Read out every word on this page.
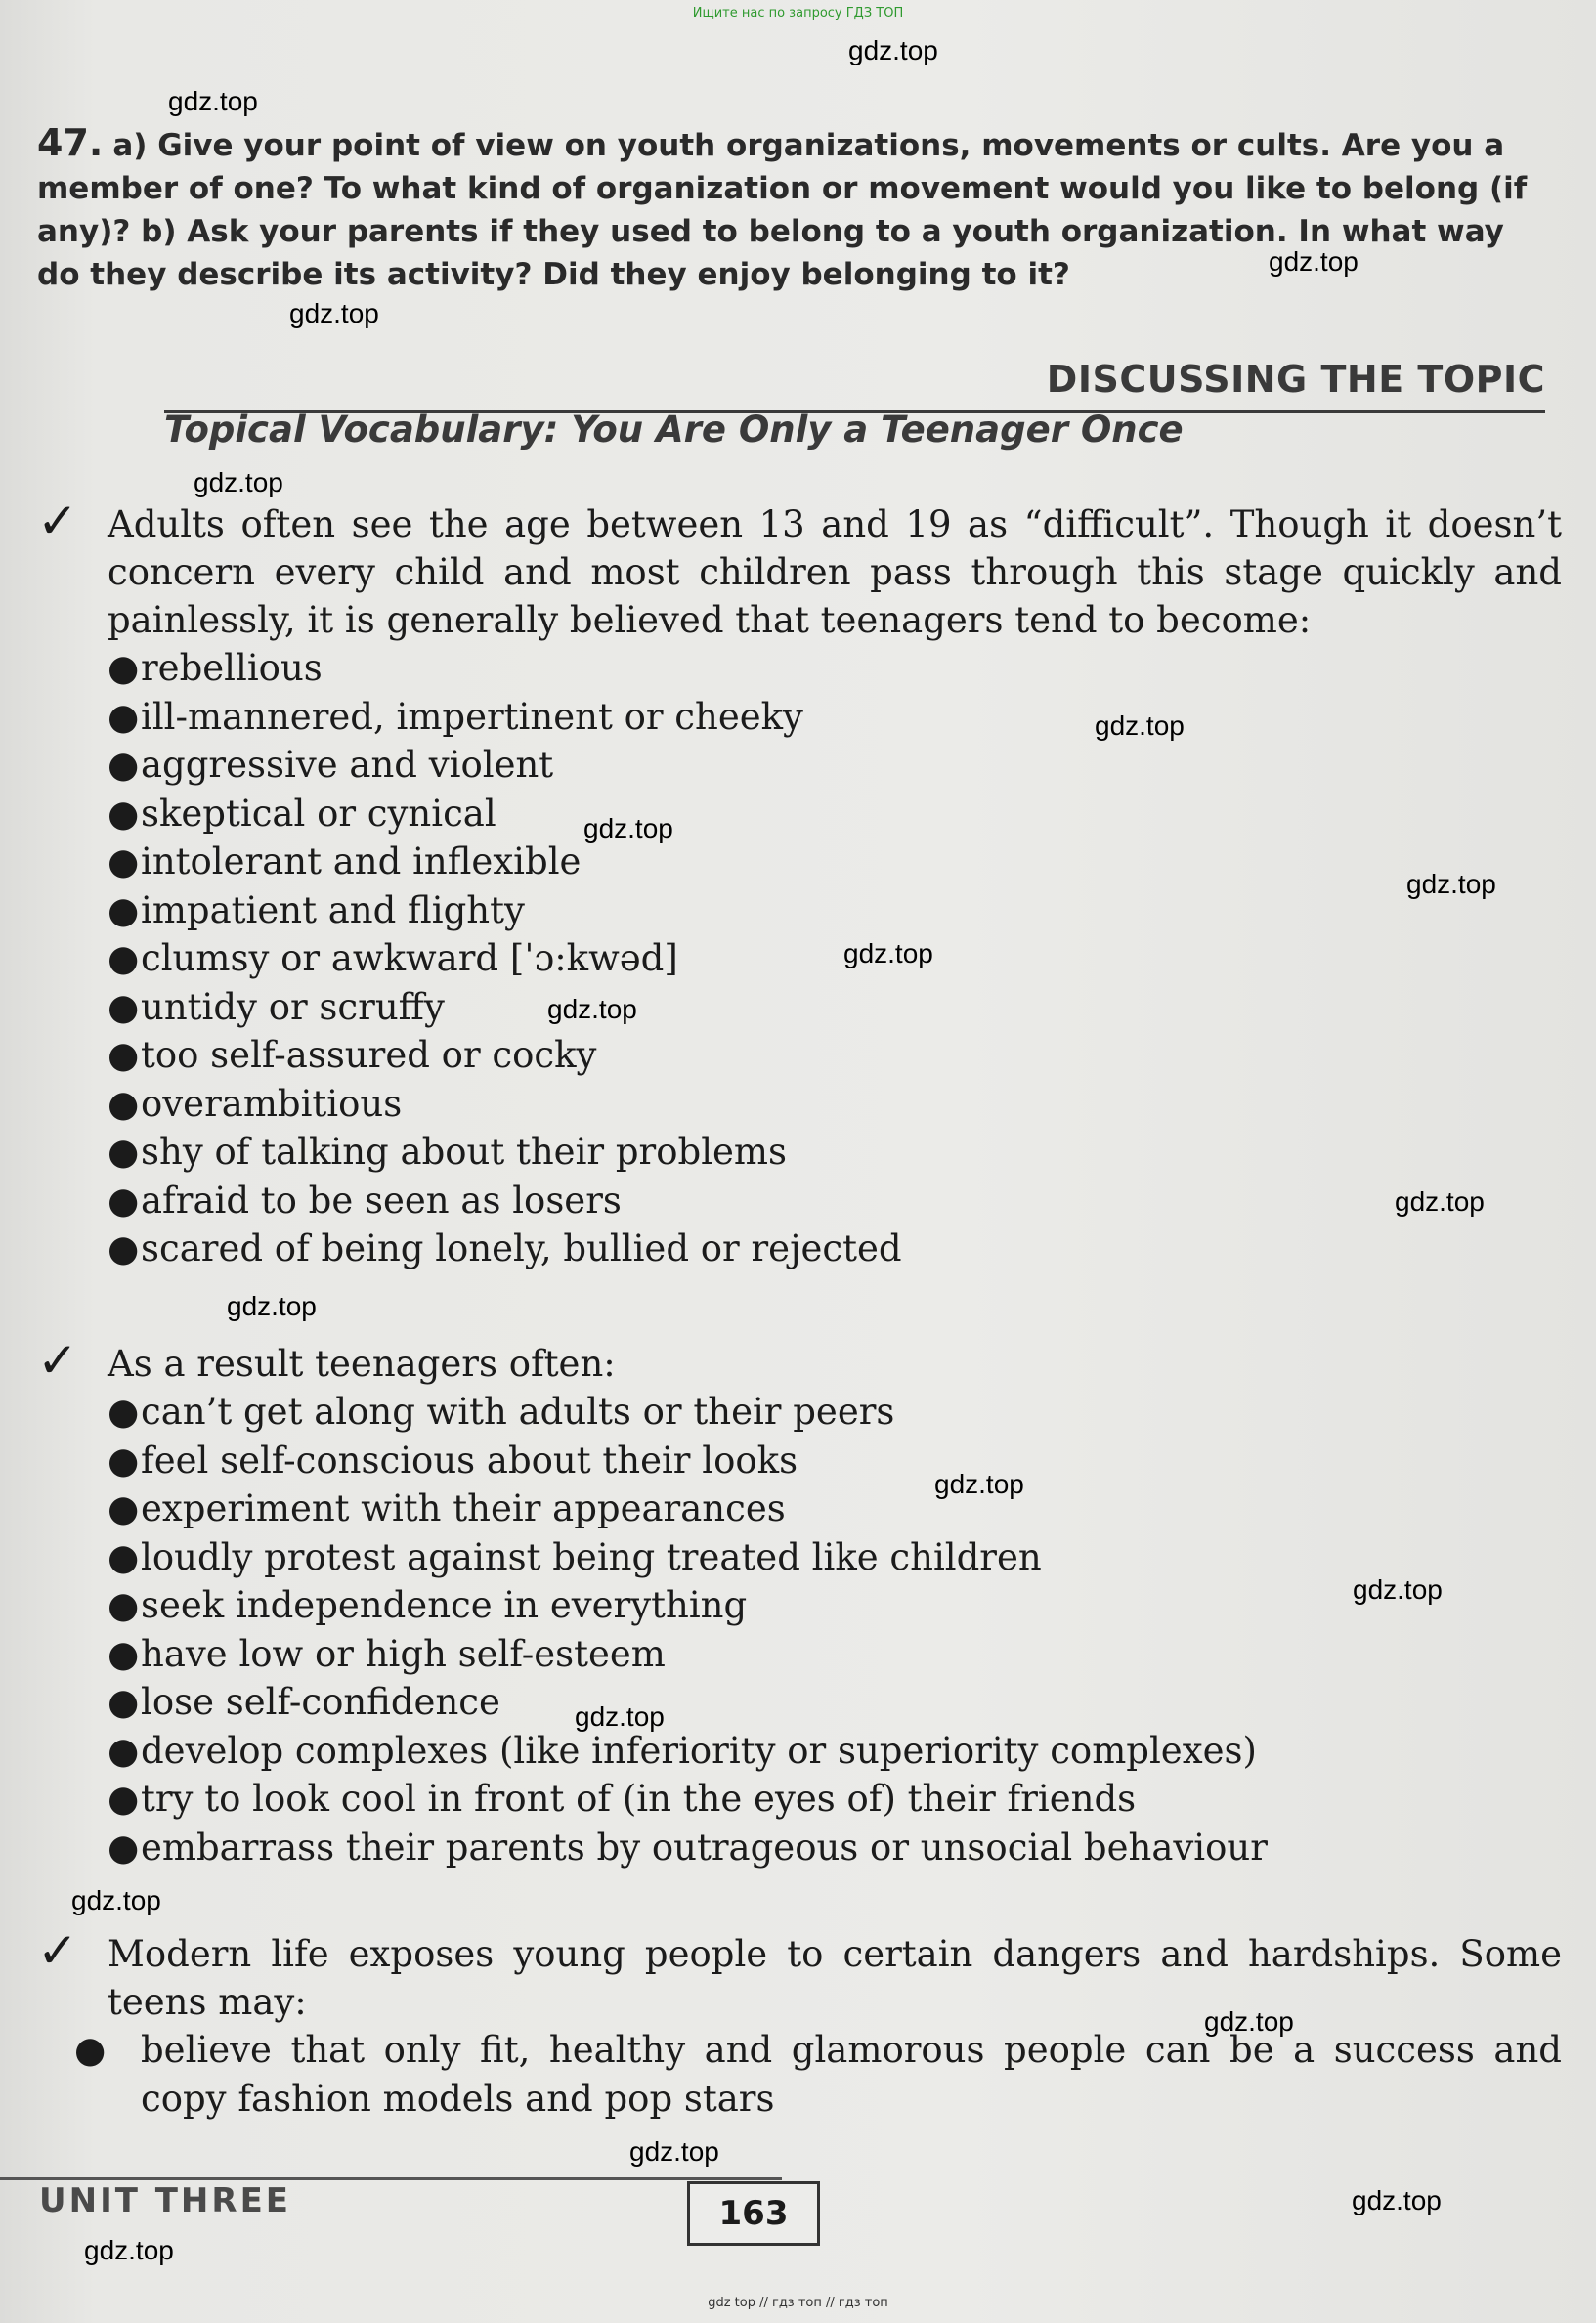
Ищите нас по запросу ГДЗ ТОП
gdz.top
gdz.top
gdz.top
gdz.top
gdz.top
gdz.top
gdz.top
gdz.top
gdz.top
gdz.top
gdz.top
gdz.top
gdz.top
gdz.top
gdz.top
gdz.top
gdz.top
gdz.top
gdz.top
gdz.top
47. a) Give your point of view on youth organizations, movements or cults. Are you a member of one? To what kind of organization or movement would you like to belong (if any)? b) Ask your parents if they used to belong to a youth organization. In what way do they describe its activity? Did they enjoy belonging to it?
DISCUSSING THE TOPIC
Topical Vocabulary: You Are Only a Teenager Once
✓ Adults often see the age between 13 and 19 as “difficult”. Though it doesn’t concern every child and most children pass through this stage quickly and painlessly, it is generally believed that teenagers tend to become:
●rebellious
●ill-mannered, impertinent or cheeky
●aggressive and violent
●skeptical or cynical
●intolerant and inflexible
●impatient and flighty
●clumsy or awkward [ˈɔ:kwəd]
●untidy or scruffy
●too self-assured or cocky
●overambitious
●shy of talking about their problems
●afraid to be seen as losers
●scared of being lonely, bullied or rejected
✓ As a result teenagers often:
●can’t get along with adults or their peers
●feel self-conscious about their looks
●experiment with their appearances
●loudly protest against being treated like children
●seek independence in everything
●have low or high self-esteem
●lose self-confidence
●develop complexes (like inferiority or superiority complexes)
●try to look cool in front of (in the eyes of) their friends
●embarrass their parents by outrageous or unsocial behaviour
✓ Modern life exposes young people to certain dangers and hardships. Some teens may:
● believe that only fit, healthy and glamorous people can be a success and copy fashion models and pop stars
UNIT THREE	163
gdz top // гдз топ // гдз топ
